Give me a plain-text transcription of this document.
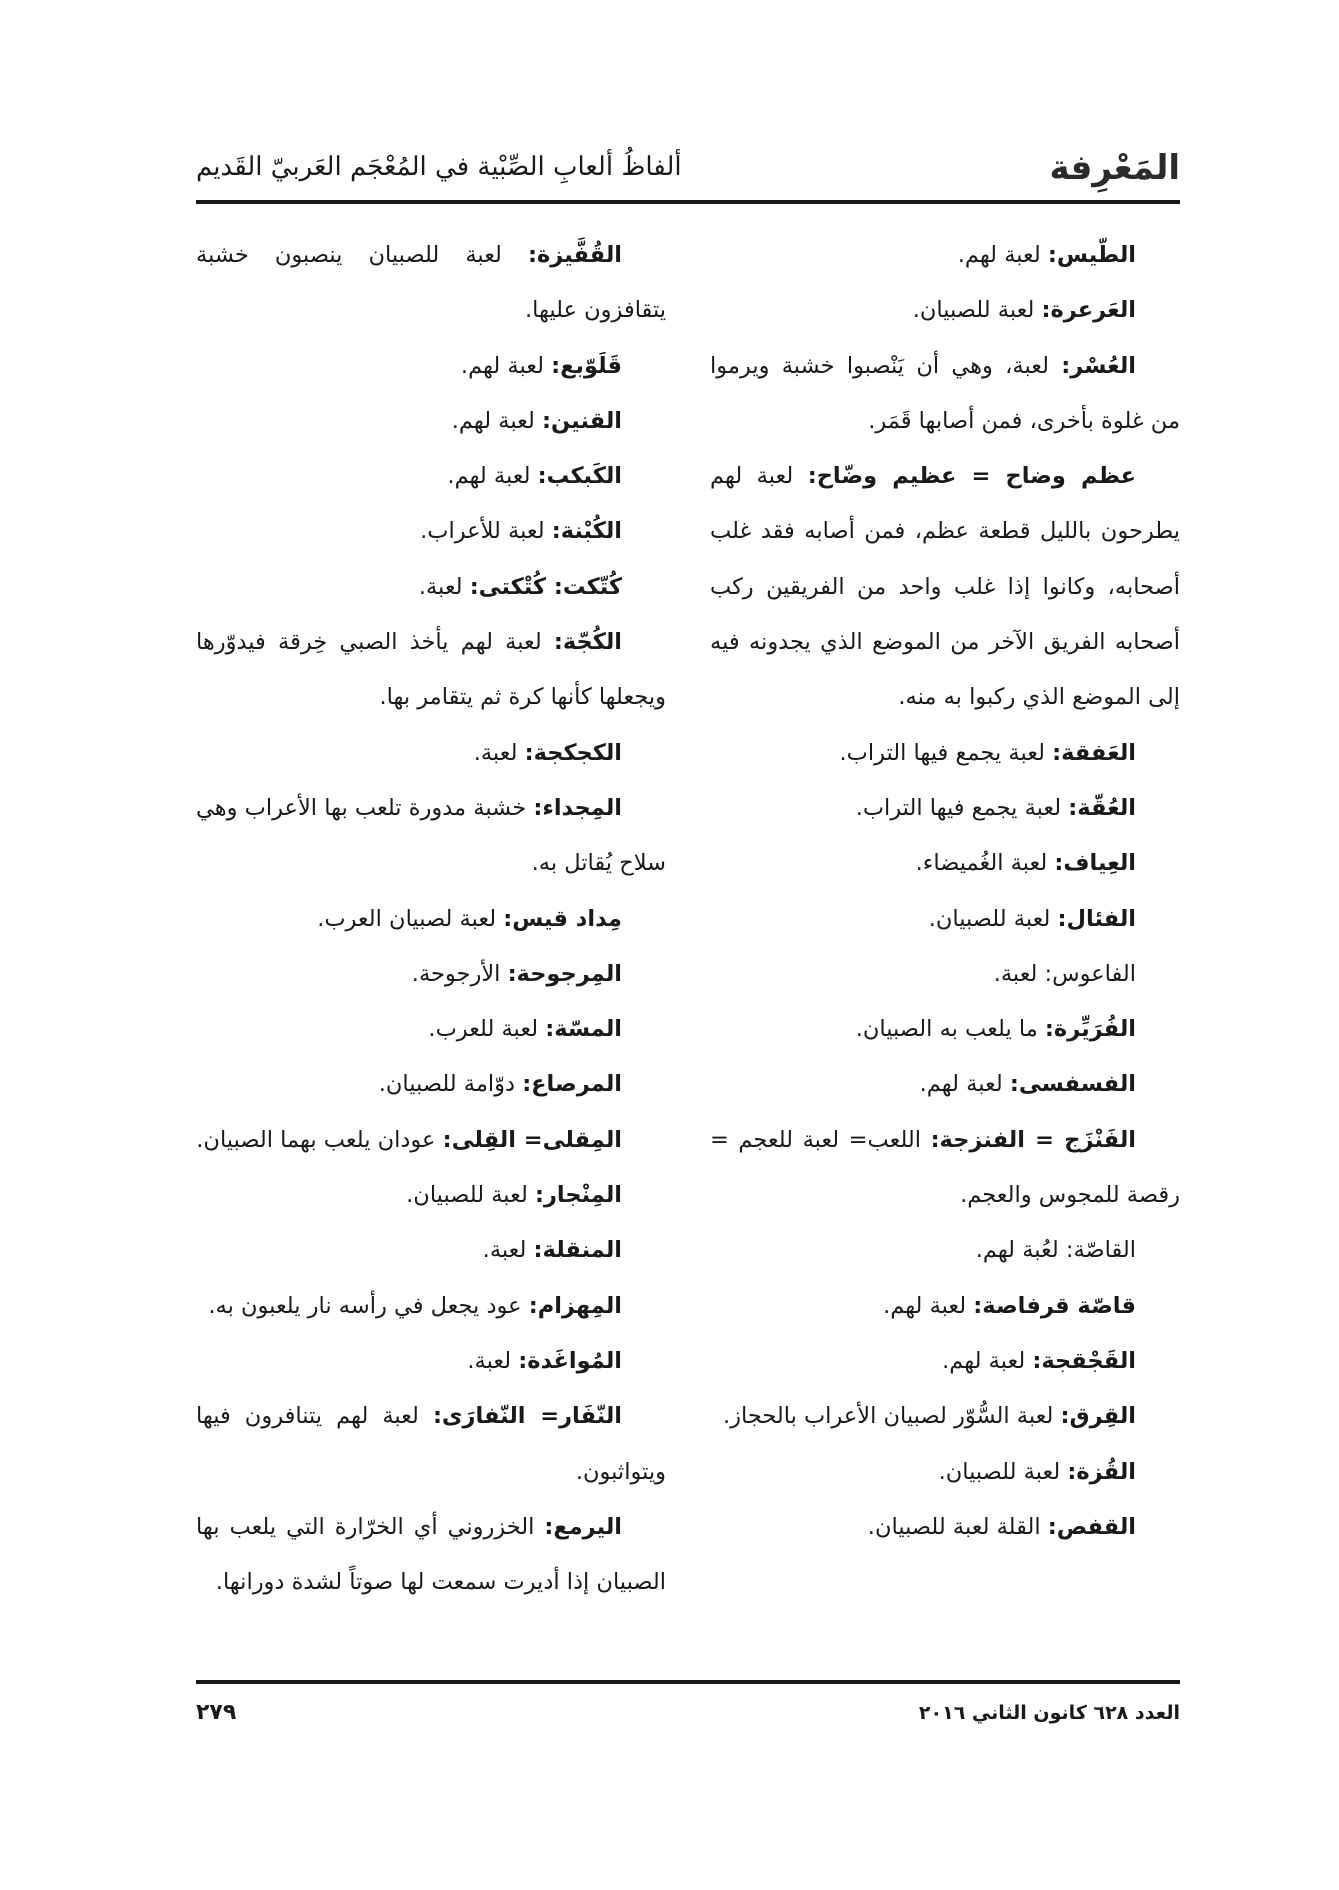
المَعْرِفة
ألفاظُ ألعابِ الصِّبْية في المُعْجَم العَربيّ القَديم

الطّيس: لعبة لهم.

العَرعرة: لعبة للصبيان.

العُسْر: لعبة، وهي أن يَنْصبوا خشبة ويرموا من غلوة بأخرى، فمن أصابها قَمَر.

عظم وضاح = عظيم وضّاح: لعبة لهم يطرحون بالليل قطعة عظم، فمن أصابه فقد غلب أصحابه، وكانوا إذا غلب واحد من الفريقين ركب أصحابه الفريق الآخر من الموضع الذي يجدونه فيه إلى الموضع الذي ركبوا به منه.

العَفقة: لعبة يجمع فيها التراب.

العُقّة: لعبة يجمع فيها التراب.

العِياف: لعبة الغُميضاء.

الفئال: لعبة للصبيان.

الفاعوس: لعبة.

الفُرَيِّرة: ما يلعب به الصبيان.

الفسفسى: لعبة لهم.

الفَنْزَج = الفنزجة: اللعب= لعبة للعجم = رقصة للمجوس والعجم.

القاصّة: لعُبة لهم.

قاصّة قرفاصة: لعبة لهم.

القَجْقجة: لعبة لهم.

القِرق: لعبة السُّوّر لصبيان الأعراب بالحجاز.

القُزة: لعبة للصبيان.

القفص: القلة لعبة للصبيان.

القُفَّيزة: لعبة للصبيان ينصبون خشبة يتقافزون عليها.

قَلَوّبع: لعبة لهم.

القنين: لعبة لهم.

الكَبكب: لعبة لهم.

الكُبْنة: لعبة للأعراب.

كُتّكت: كُتْكتى: لعبة.

الكُجّة: لعبة لهم يأخذ الصبي خِرقة فيدوّرها ويجعلها كأنها كرة ثم يتقامر بها.

الكجكجة: لعبة.

المِجداء: خشبة مدورة تلعب بها الأعراب وهي سلاح يُقاتل به.

مِداد قيس: لعبة لصبيان العرب.

المِرجوحة: الأرجوحة.

المسّة: لعبة للعرب.

المرصاع: دوّامة للصبيان.

المِقلى= القِلى: عودان يلعب بهما الصبيان.

المِنْجار: لعبة للصبيان.

المنقلة: لعبة.

المِهزام: عود يجعل في رأسه نار يلعبون به.

المُواغَدة: لعبة.

النّفَار= النّفارَى: لعبة لهم يتنافرون فيها ويتواثبون.

اليرمع: الخزروني أي الخرّارة التي يلعب بها الصبيان إذا أديرت سمعت لها صوتاً لشدة دورانها.

العدد ٦٢٨ كانون الثاني ٢٠١٦
٢٧٩
